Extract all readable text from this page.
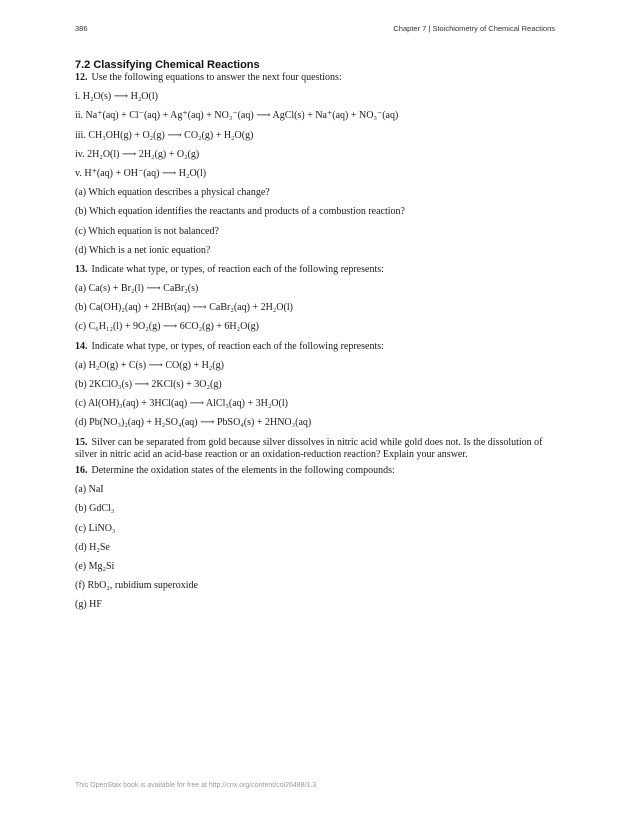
386	Chapter 7 | Stoichiometry of Chemical Reactions
7.2 Classifying Chemical Reactions
12. Use the following equations to answer the next four questions:
i. H₂O(s) ⟶ H₂O(l)
ii. Na⁺(aq) + Cl⁻(aq) + Ag⁺(aq) + NO₃⁻(aq) ⟶ AgCl(s) + Na⁺(aq) + NO₃⁻(aq)
iii. CH₃OH(g) + O₂(g) ⟶ CO₂(g) + H₂O(g)
iv. 2H₂O(l) ⟶ 2H₂(g) + O₂(g)
v. H⁺(aq) + OH⁻(aq) ⟶ H₂O(l)
(a) Which equation describes a physical change?
(b) Which equation identifies the reactants and products of a combustion reaction?
(c) Which equation is not balanced?
(d) Which is a net ionic equation?
13. Indicate what type, or types, of reaction each of the following represents:
(a) Ca(s) + Br₂(l) ⟶ CaBr₂(s)
(b) Ca(OH)₂(aq) + 2HBr(aq) ⟶ CaBr₂(aq) + 2H₂O(l)
(c) C₆H₁₂(l) + 9O₂(g) ⟶ 6CO₂(g) + 6H₂O(g)
14. Indicate what type, or types, of reaction each of the following represents:
(a) H₂O(g) + C(s) ⟶ CO(g) + H₂(g)
(b) 2KClO₃(s) ⟶ 2KCl(s) + 3O₂(g)
(c) Al(OH)₃(aq) + 3HCl(aq) ⟶ AlCl₃(aq) + 3H₂O(l)
(d) Pb(NO₃)₂(aq) + H₂SO₄(aq) ⟶ PbSO₄(s) + 2HNO₃(aq)
15. Silver can be separated from gold because silver dissolves in nitric acid while gold does not. Is the dissolution of silver in nitric acid an acid-base reaction or an oxidation-reduction reaction? Explain your answer.
16. Determine the oxidation states of the elements in the following compounds:
(a) NaI
(b) GdCl₃
(c) LiNO₃
(d) H₂Se
(e) Mg₂Si
(f) RbO₂, rubidium superoxide
(g) HF
This OpenStax book is available for free at http://cnx.org/content/col26488/1.3
